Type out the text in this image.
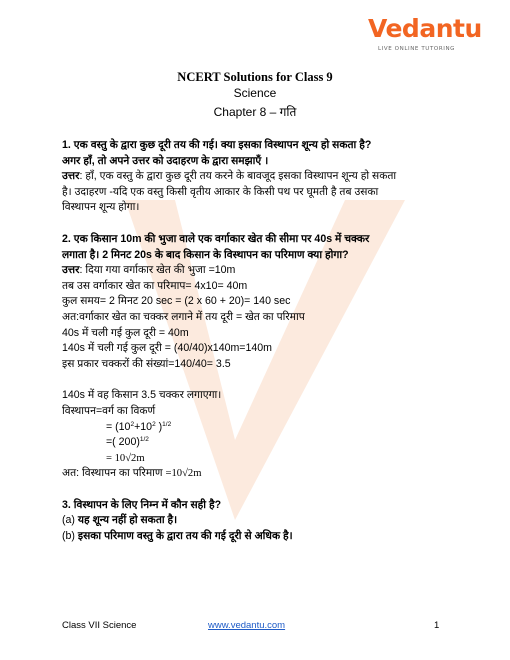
Vedantu
LIVE ONLINE TUTORING
NCERT Solutions for Class 9
Science
Chapter 8 – गति
1. एक वस्तु के द्वारा कुछ दूरी तय की गई। क्या इसका विस्थापन शून्य हो सकता है?
अगर हाँ, तो अपने उत्तर को उदाहरण के द्वारा समझाएँ ।
उत्तर: हाँ, एक वस्तु के द्वारा कुछ दूरी तय करने के बावजूद इसका विस्थापन शून्य हो सकता
है। उदाहरण -यदि एक वस्तु किसी वृतीय आकार के किसी पथ पर घूमती है तब उसका
विस्थापन शून्य होगा।
2. एक किसान 10m की भुजा वाले एक वर्गाकार खेत की सीमा पर 40s में चक्कर
लगाता है। 2 मिनट 20s के बाद किसान के विस्थापन का परिमाण क्या होगा?
उत्तर: दिया गया वर्गाकार खेत की भुजा =10m
तब उस वर्गाकार खेत का परिमाप= 4x10= 40m
कुल समय= 2 मिनट 20 sec = (2 x 60 + 20)= 140 sec
अत:वर्गाकार खेत का चक्कर लगाने में तय दूरी = खेत का परिमाप
40s में चली गई कुल दूरी = 40m
140s में चली गई कुल दूरी = (40/40)x140m=140m
इस प्रकार चक्करों की संख्यां=140/40= 3.5
140s में वह किसान 3.5 चक्कर लगाएगा।
विस्थापन=वर्ग का विकर्ण
= ($10^2+10^2$ )$^{1/2}$
=( 200)$^{1/2}$
= 10√2m
अत: विस्थापन का परिमाण =10√2m
3. विस्थापन के लिए निम्न में कौन सही है?
(a) यह शून्य नहीं हो सकता है।
(b) इसका परिमाण वस्तु के द्वारा तय की गई दूरी से अधिक है।
Class VII Science	www.vedantu.com	1
